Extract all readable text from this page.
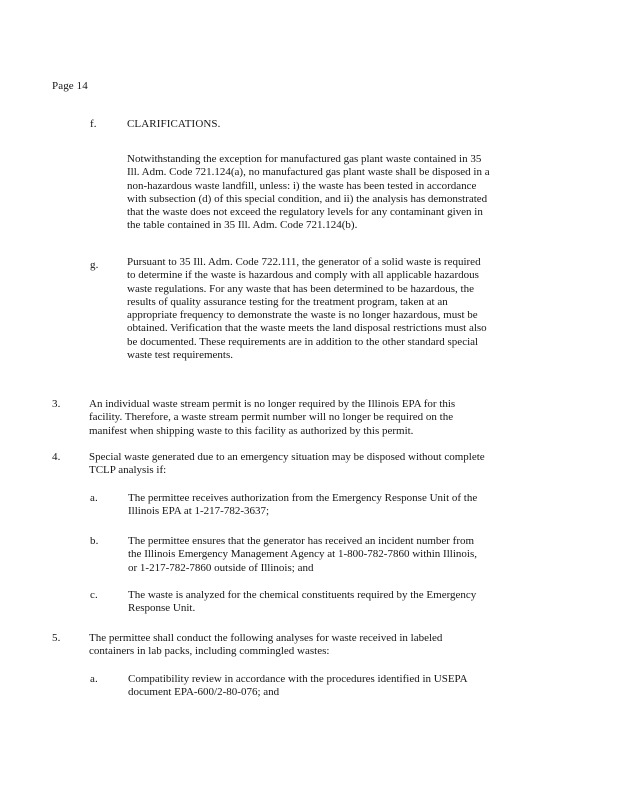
Page 14
f.	CLARIFICATIONS.
Notwithstanding the exception for manufactured gas plant waste contained in 35 Ill. Adm. Code 721.124(a), no manufactured gas plant waste shall be disposed in a non-hazardous waste landfill, unless: i) the waste has been tested in accordance with subsection (d) of this special condition, and ii) the analysis has demonstrated that the waste does not exceed the regulatory levels for any contaminant given in the table contained in 35 Ill. Adm. Code 721.124(b).
g.	Pursuant to 35 Ill. Adm. Code 722.111, the generator of a solid waste is required to determine if the waste is hazardous and comply with all applicable hazardous waste regulations. For any waste that has been determined to be hazardous, the results of quality assurance testing for the treatment program, taken at an appropriate frequency to demonstrate the waste is no longer hazardous, must be obtained. Verification that the waste meets the land disposal restrictions must also be documented. These requirements are in addition to the other standard special waste test requirements.
3.	An individual waste stream permit is no longer required by the Illinois EPA for this facility. Therefore, a waste stream permit number will no longer be required on the manifest when shipping waste to this facility as authorized by this permit.
4.	Special waste generated due to an emergency situation may be disposed without complete TCLP analysis if:
a.	The permittee receives authorization from the Emergency Response Unit of the Illinois EPA at 1-217-782-3637;
b.	The permittee ensures that the generator has received an incident number from the Illinois Emergency Management Agency at 1-800-782-7860 within Illinois, or 1-217-782-7860 outside of Illinois; and
c.	The waste is analyzed for the chemical constituents required by the Emergency Response Unit.
5.	The permittee shall conduct the following analyses for waste received in labeled containers in lab packs, including commingled wastes:
a.	Compatibility review in accordance with the procedures identified in USEPA document EPA-600/2-80-076; and
